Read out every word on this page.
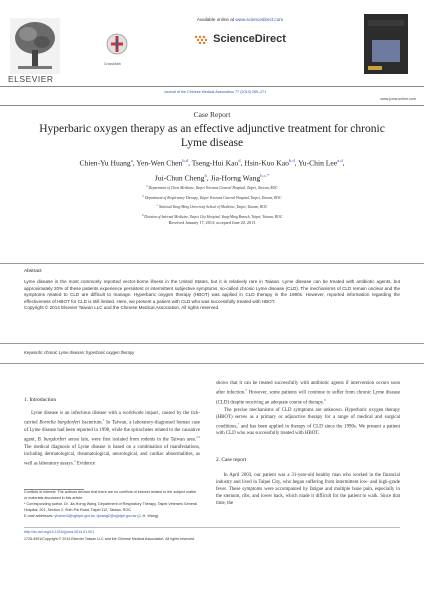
ELSEVIER
CrossMark
Available online at www.sciencedirect.com
ScienceDirect
Journal of the Chinese Medical Association 77 (2014) 269–271
www.jcma-online.com
Case Report
Hyperbaric oxygen therapy as an effective adjunctive treatment for chronic Lyme disease
Chien-Yu Huang$^a$, Yen-Wen Chen$^{b,d}$, Tseng-Hui Kao$^d$, Hsin-Kuo Kao$^{b,d}$, Yu-Chin Lee$^{a,d}$,
Jui-Chun Cheng$^b$, Jia-Horng Wang$^{b,c,*}$
$^a$ Department of Chest Medicine, Taipei Veterans General Hospital, Taipei, Taiwan, ROC
$^b$ Department of Respiratory Therapy, Taipei Veterans General Hospital, Taipei, Taiwan, ROC
$^c$ National Yang-Ming University School of Medicine, Taipei, Taiwan, ROC
$^d$ Division of Internal Medicine, Taipei City Hospital, Yang-Ming Branch, Taipei, Taiwan, ROC
Received January 17, 2013; accepted June 20, 2013
Abstract
Lyme disease is the most commonly reported vector-borne illness in the United States, but it is relatively rare in Taiwan. Lyme disease can be treated with antibiotic agents, but approximately 20% of these patients experience persistent or intermittent subjective symptoms, so-called chronic Lyme disease (CLD). The mechanisms of CLD remain unclear and the symptoms related to CLD are difficult to manage. Hyperbaric oxygen therapy (HBOT) was applied in CLD therapy in the 1990s. However, reported information regarding the effectiveness of HBOT for CLD is still limited. Here, we present a patient with CLD who was successfully treated with HBOT.
Copyright © 2014 Elsevier Taiwan LLC and the Chinese Medical Association. All rights reserved.
Keywords: chronic Lyme disease; hyperbaric oxygen therapy
1. Introduction
Lyme disease is an infectious disease with a worldwide impact, caused by the tick-carried Borrelia burgdorferi bacterium.$^1$ In Taiwan, a laboratory-diagnosed human case of Lyme disease had been reported in 1998, while the spirochetes related to the causative agent, B. burgdorferi sensu lato, were first isolated from rodents in the Taiwan area.$^{2,3}$ The medical diagnosis of Lyme disease is based on a combination of manifestations, including dermatological, rheumatological, neurological, and cardiac abnormalities, as well as laboratory assays.$^4$ Evidence
shows that it can be treated successfully with antibiotic agents if intervention occurs soon after infection.$^5$ However, some patients will continue to suffer from chronic Lyme disease (CLD) despite receiving an adequate course of therapy.$^6$
The precise mechanisms of CLD symptoms are unknown. Hyperbaric oxygen therapy (HBOT) serves as a primary or adjunctive therapy for a range of medical and surgical conditions,$^7$ and has been applied in therapy of CLD since the 1990s. We present a patient with CLD who was successfully treated with HBOT.
2. Case report
In April 2003, our patient was a 31-year-old healthy man who worked in the financial industry and lived in Taipei City, who began suffering from intermittent low- and high-grade fever. These symptoms were accompanied by fatigue and multiple bone pain, especially in the sternum, ribs, and lower back, which made it difficult for the patient to walk. Since that time, the

Conflicts of interest: The authors declare that there are no conflicts of interest related to the subject matter or materials discussed in this article.

* Corresponding author. Dr. Jia-Horng Wang, Department of Respiratory Therapy, Taipei Veterans General Hospital, 201, Section 2, Shih-Pai Road, Taipei 112, Taiwan, ROC.

E-mail addresses: yhchen3@vghtpe.gov.tw, cjwang2@vghtpe.gov.tw (J.-H. Wang).

http://dx.doi.org/10.1016/j.jcma.2014.01.001
1726-4901/Copyright © 2014 Elsevier Taiwan LLC and the Chinese Medical Association. All rights reserved.
